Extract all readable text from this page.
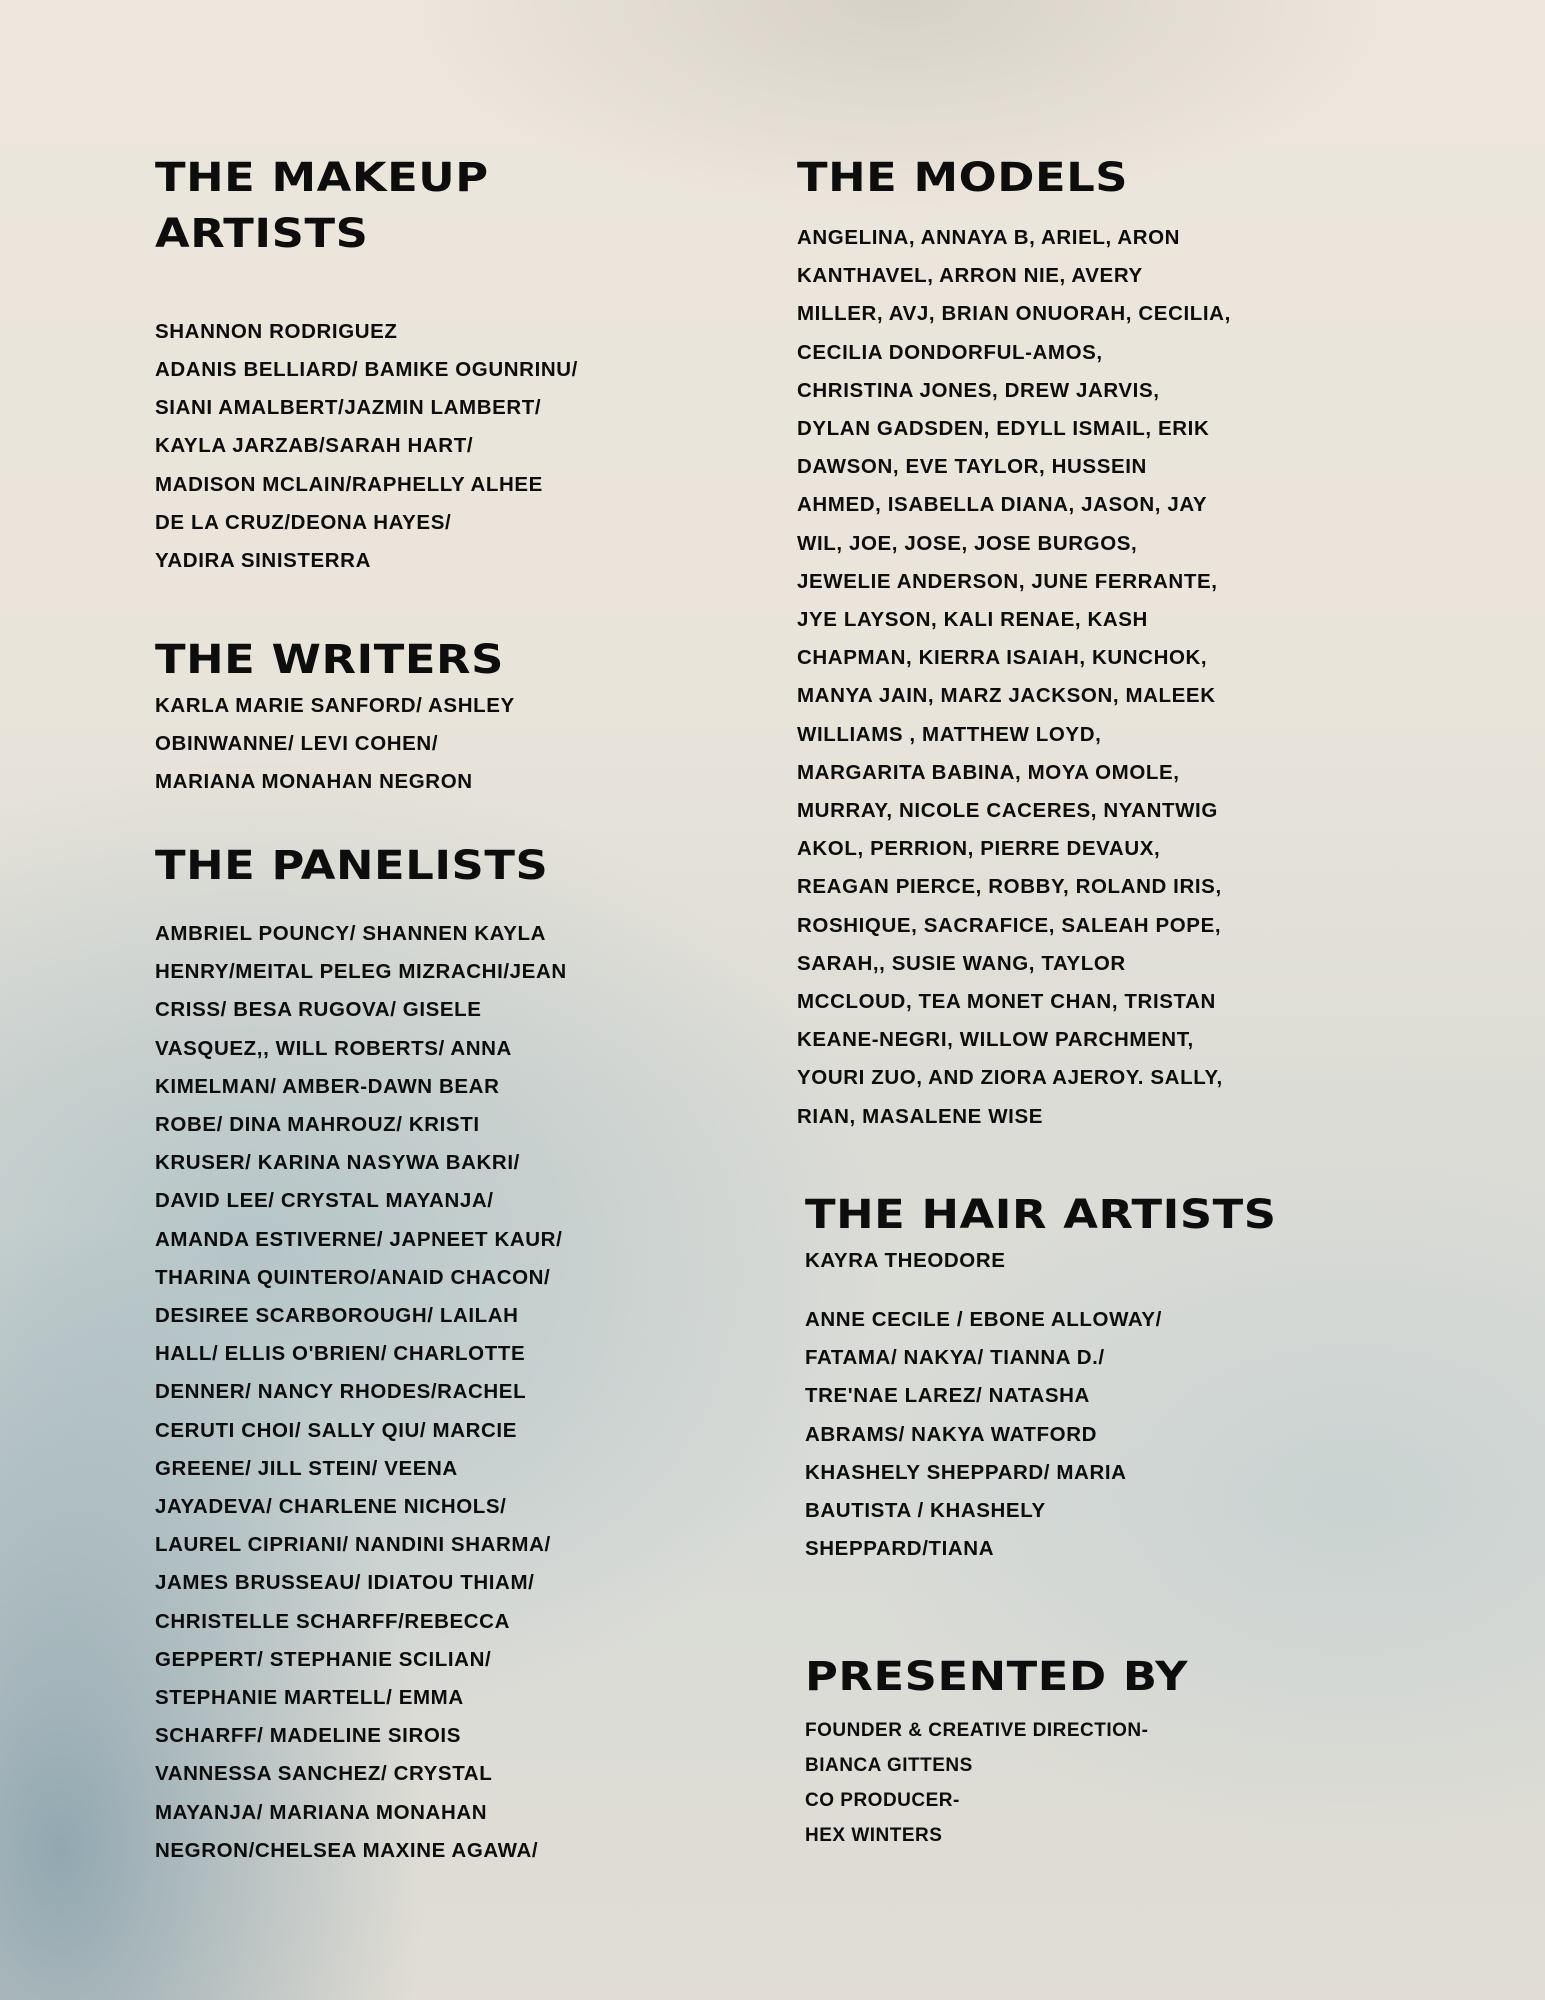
THE MAKEUP
ARTISTS

SHANNON RODRIGUEZ

ADANIS BELLIARD/ BAMIKE OGUNRINU/
SIANI AMALBERT/JAZMIN LAMBERT/
KAYLA JARZAB/SARAH HART/
MADISON MCLAIN/RAPHELLY ALHEE
DE LA CRUZ/DEONA HAYES/
YADIRA SINISTERRA

THE WRITERS

KARLA MARIE SANFORD/ ASHLEY
OBINWANNE/ LEVI COHEN/
MARIANA MONAHAN NEGRON

THE PANELISTS

AMBRIEL POUNCY/ SHANNEN KAYLA
HENRY/MEITAL PELEG MIZRACHI/JEAN
CRISS/ BESA RUGOVA/ GISELE
VASQUEZ,, WILL ROBERTS/ ANNA
KIMELMAN/ AMBER-DAWN BEAR
ROBE/ DINA MAHROUZ/ KRISTI
KRUSER/ KARINA NASYWA BAKRI/
DAVID LEE/ CRYSTAL MAYANJA/
AMANDA ESTIVERNE/ JAPNEET KAUR/
THARINA QUINTERO/ANAID CHACON/
DESIREE SCARBOROUGH/ LAILAH
HALL/ ELLIS O'BRIEN/ CHARLOTTE
DENNER/ NANCY RHODES/RACHEL
CERUTI CHOI/ SALLY QIU/ MARCIE
GREENE/ JILL STEIN/ VEENA
JAYADEVA/ CHARLENE NICHOLS/
LAUREL CIPRIANI/ NANDINI SHARMA/
JAMES BRUSSEAU/ IDIATOU THIAM/
CHRISTELLE SCHARFF/REBECCA
GEPPERT/ STEPHANIE SCILIAN/
STEPHANIE MARTELL/ EMMA
SCHARFF/ MADELINE SIROIS
VANNESSA SANCHEZ/ CRYSTAL
MAYANJA/ MARIANA MONAHAN
NEGRON/CHELSEA MAXINE AGAWA/

THE MODELS

ANGELINA, ANNAYA B, ARIEL, ARON
KANTHAVEL, ARRON NIE, AVERY
MILLER, AVJ, BRIAN ONUORAH, CECILIA,
CECILIA DONDORFUL-AMOS,
CHRISTINA JONES, DREW JARVIS,
DYLAN GADSDEN, EDYLL ISMAIL, ERIK
DAWSON, EVE TAYLOR, HUSSEIN
AHMED, ISABELLA DIANA, JASON, JAY
WIL, JOE, JOSE, JOSE BURGOS,
JEWELIE ANDERSON, JUNE FERRANTE,
JYE LAYSON, KALI RENAE, KASH
CHAPMAN, KIERRA ISAIAH, KUNCHOK,
MANYA JAIN, MARZ JACKSON, MALEEK
WILLIAMS , MATTHEW LOYD,
MARGARITA BABINA, MOYA OMOLE,
MURRAY, NICOLE CACERES, NYANTWIG
AKOL, PERRION, PIERRE DEVAUX,
REAGAN PIERCE, ROBBY, ROLAND IRIS,
ROSHIQUE, SACRAFICE, SALEAH POPE,
SARAH,, SUSIE WANG, TAYLOR
MCCLOUD, TEA MONET CHAN, TRISTAN
KEANE-NEGRI, WILLOW PARCHMENT,
YOURI ZUO, AND ZIORA AJEROY. SALLY,
RIAN, MASALENE WISE

THE HAIR ARTISTS

KAYRA THEODORE

ANNE CECILE / EBONE ALLOWAY/
FATAMA/ NAKYA/ TIANNA D./
TRE'NAE LAREZ/ NATASHA
ABRAMS/ NAKYA WATFORD
KHASHELY SHEPPARD/ MARIA
BAUTISTA / KHASHELY
SHEPPARD/TIANA

PRESENTED BY

FOUNDER & CREATIVE DIRECTION-
BIANCA GITTENS
CO PRODUCER-
HEX WINTERS
